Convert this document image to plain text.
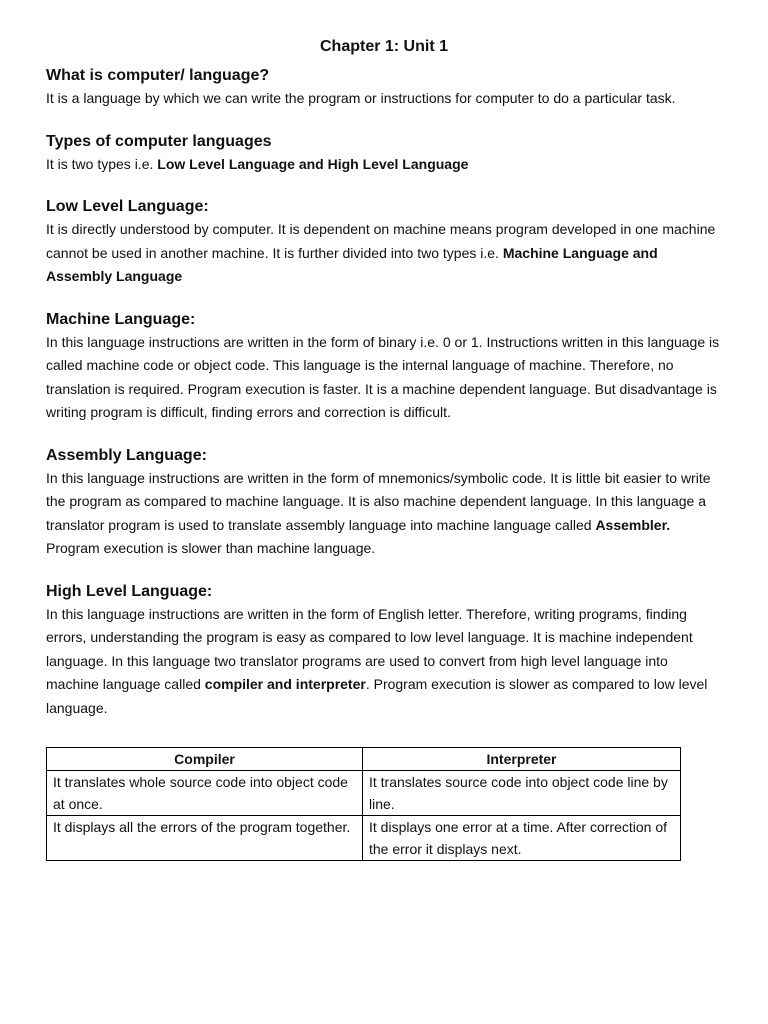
Chapter 1: Unit 1
What is computer/ language?

It is a language by which we can write the program or instructions for computer to do a particular task.

Types of computer languages

It is two types i.e. Low Level Language and High Level Language

Low Level Language:

It is directly understood by computer. It is dependent on machine means program developed in one machine cannot be used in another machine. It is further divided into two types i.e. Machine Language and Assembly Language

Machine Language:

In this language instructions are written in the form of binary i.e. 0 or 1. Instructions written in this language is called machine code or object code. This language is the internal language of machine. Therefore, no translation is required. Program execution is faster. It is a machine dependent language. But disadvantage is writing program is difficult, finding errors and correction is difficult.

Assembly Language:

In this language instructions are written in the form of mnemonics/symbolic code. It is little bit easier to write the program as compared to machine language. It is also machine dependent language. In this language a translator program is used to translate assembly language into machine language called Assembler. Program execution is slower than machine language.

High Level Language:

In this language instructions are written in the form of English letter. Therefore, writing programs, finding errors, understanding the program is easy as compared to low level language. It is machine independent language. In this language two translator programs are used to convert from high level language into machine language called compiler and interpreter. Program execution is slower as compared to low level language.

Compiler	Interpreter
It translates whole source code into object code at once.	It translates source code into object code line by line.
It displays all the errors of the program together.	It displays one error at a time. After correction of the error it displays next.
